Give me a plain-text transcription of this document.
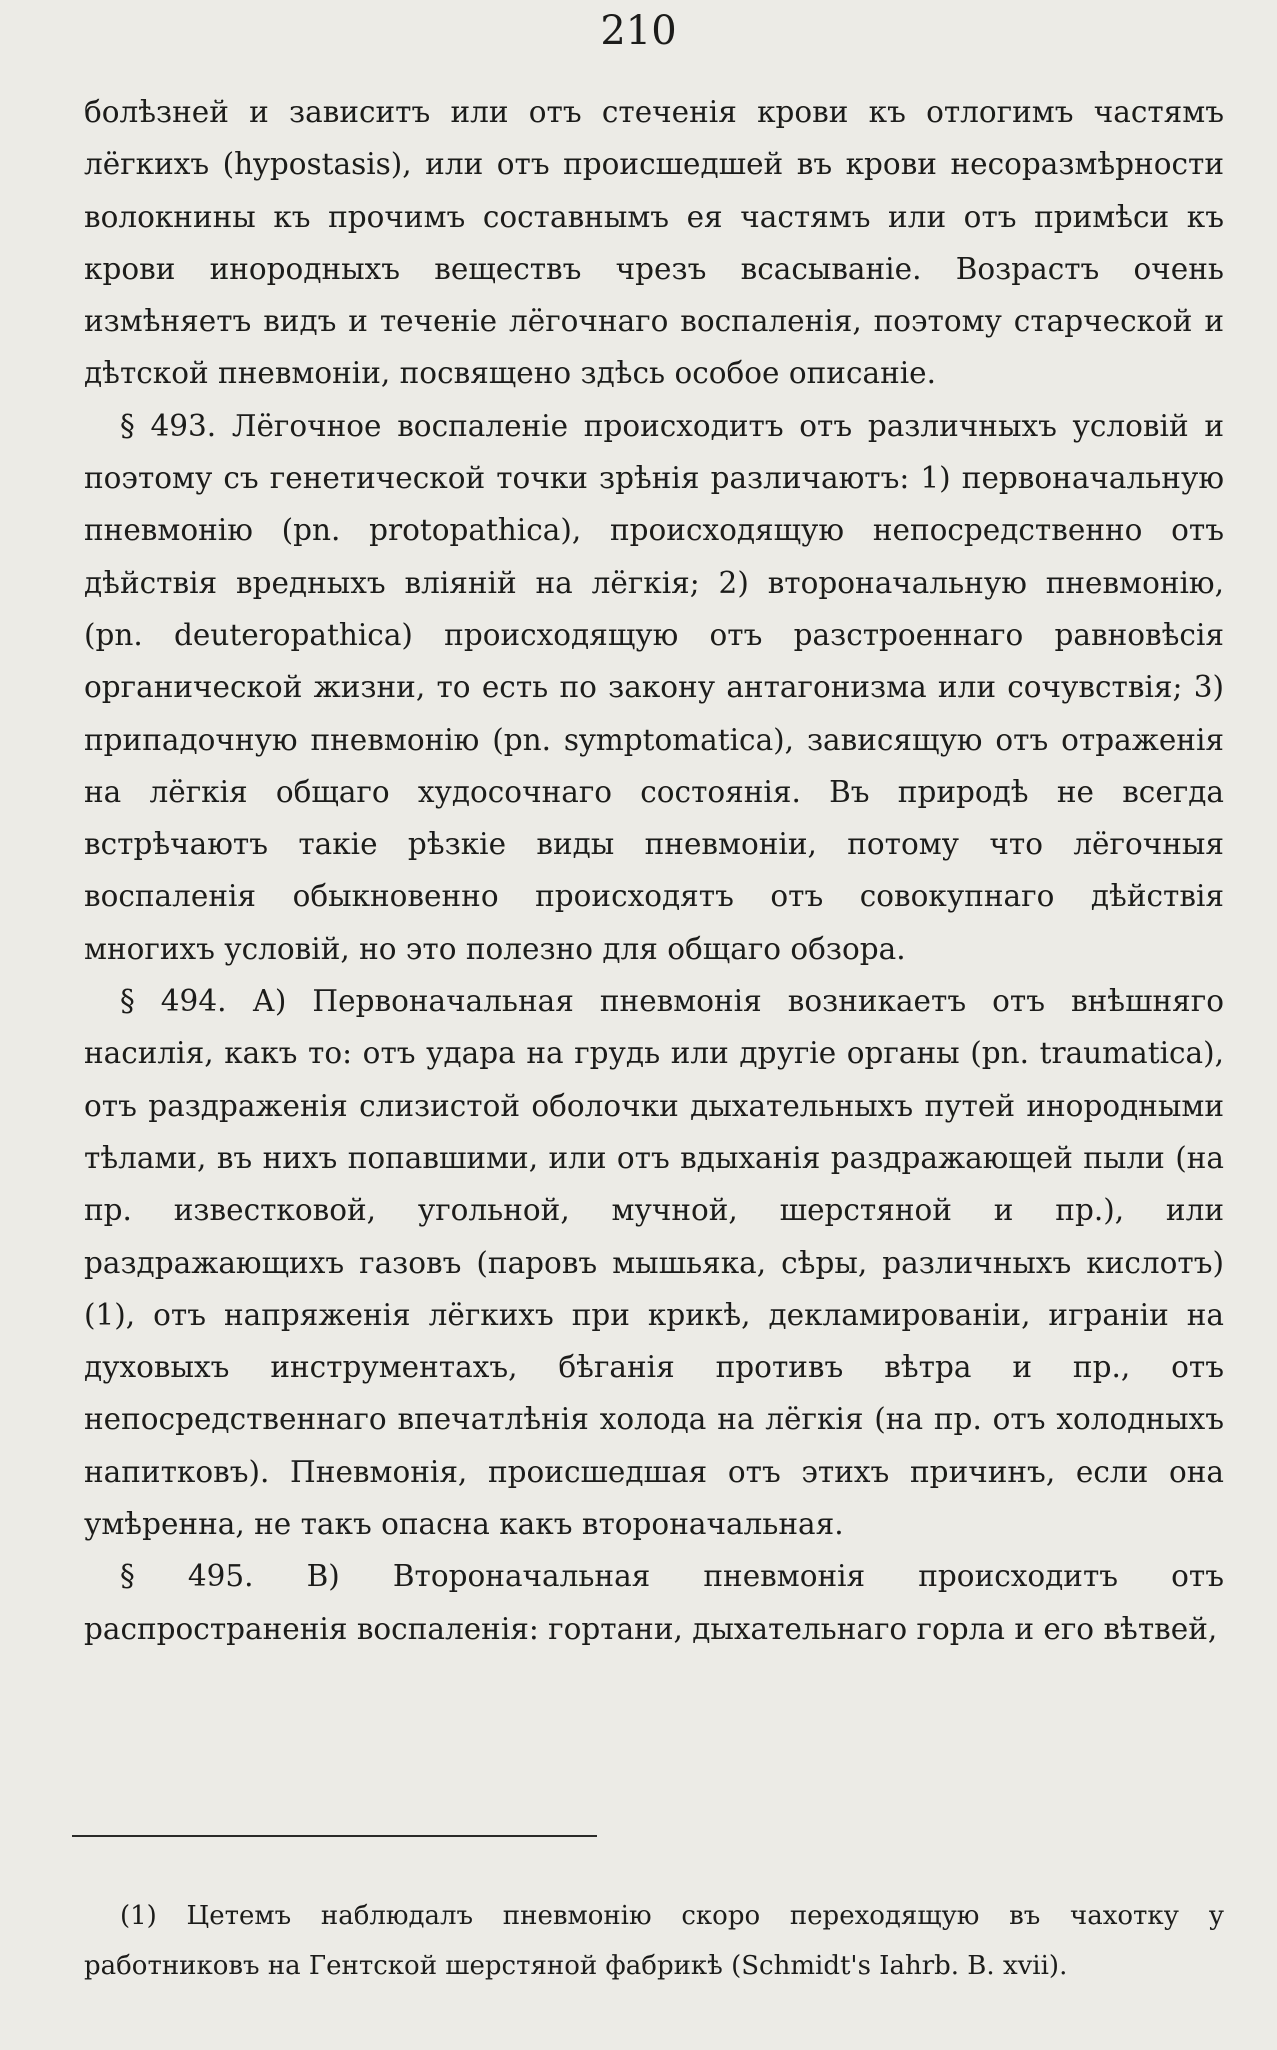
210

болѣзней и зависитъ или отъ стеченія крови къ отлогимъ частямъ лёгкихъ (hypostasis), или отъ происшедшей въ крови несоразмѣрности волокнины къ прочимъ составнымъ ея частямъ или отъ примѣси къ крови инородныхъ веществъ чрезъ всасываніе. Возрастъ очень измѣняетъ видъ и теченіе лёгочнаго воспаленія, поэтому старческой и дѣтской пневмоніи, посвящено здѣсь особое описаніе.

§ 493. Лёгочное воспаленіе происходитъ отъ различныхъ условій и поэтому съ генетической точки зрѣнія различаютъ: 1) первоначальную пневмонію (pn. protopathica), происходящую непосредственно отъ дѣйствія вредныхъ вліяній на лёгкія; 2) второначальную пневмонію, (pn. deuteropathica) происходящую отъ разстроеннаго равновѣсія органической жизни, то есть по закону антагонизма или сочувствія; 3) припадочную пневмонію (pn. symptomatica), зависящую отъ отраженія на лёгкія общаго худосочнаго состоянія. Въ природѣ не всегда встрѣчаютъ такіе рѣзкіе виды пневмоніи, потому что лёгочныя воспаленія обыкновенно происходятъ отъ совокупнаго дѣйствія многихъ условій, но это полезно для общаго обзора.

§ 494. А) Первоначальная пневмонія возникаетъ отъ внѣшняго насилія, какъ то: отъ удара на грудь или другіе органы (pn. traumatica), отъ раздраженія слизистой оболочки дыхательныхъ путей инородными тѣлами, въ нихъ попавшими, или отъ вдыханія раздражающей пыли (на пр. известковой, угольной, мучной, шерстяной и пр.), или раздражающихъ газовъ (паровъ мышьяка, сѣры, различныхъ кислотъ) (1), отъ напряженія лёгкихъ при крикѣ, декламированіи, играніи на духовыхъ инструментахъ, бѣганія противъ вѣтра и пр., отъ непосредственнаго впечатлѣнія холода на лёгкія (на пр. отъ холодныхъ напитковъ). Пневмонія, происшедшая отъ этихъ причинъ, если она умѣренна, не такъ опасна какъ второначальная.

§ 495. B) Второначальная пневмонія происходитъ отъ распространенія воспаленія: гортани, дыхательнаго горла и его вѣтвей,

(1) Цетемъ наблюдалъ пневмонію скоро переходящую въ чахотку у работниковъ на Гентской шерстяной фабрикѣ (Schmidt's Iahrb. B. xvii).
